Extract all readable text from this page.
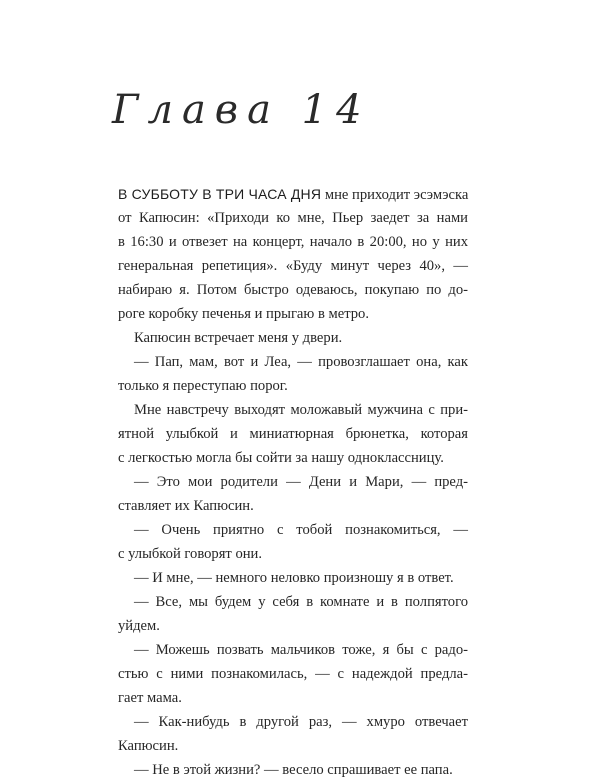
Глава 14
В СУББОТУ В ТРИ ЧАСА ДНЯ мне приходит эсэмэска
от Капюсин: «Приходи ко мне, Пьер заедет за нами
в 16:30 и отвезет на концерт, начало в 20:00, но у них
генеральная репетиция». «Буду минут через 40», —
набираю я. Потом быстро одеваюсь, покупаю по до-
роге коробку печенья и прыгаю в метро.
Капюсин встречает меня у двери.
— Пап, мам, вот и Леа, — провозглашает она, как
только я переступаю порог.
Мне навстречу выходят моложавый мужчина с при-
ятной улыбкой и миниатюрная брюнетка, которая
с легкостью могла бы сойти за нашу одноклассницу.
— Это мои родители — Дени и Мари, — пред-
ставляет их Капюсин.
— Очень приятно с тобой познакомиться, —
с улыбкой говорят они.
— И мне, — немного неловко произношу я в ответ.
— Все, мы будем у себя в комнате и в полпятого
уйдем.
— Можешь позвать мальчиков тоже, я бы с радо-
стью с ними познакомилась, — с надеждой предла-
гает мама.
— Как-нибудь в другой раз, — хмуро отвечает
Капюсин.
— Не в этой жизни? — весело спрашивает ее папа.
